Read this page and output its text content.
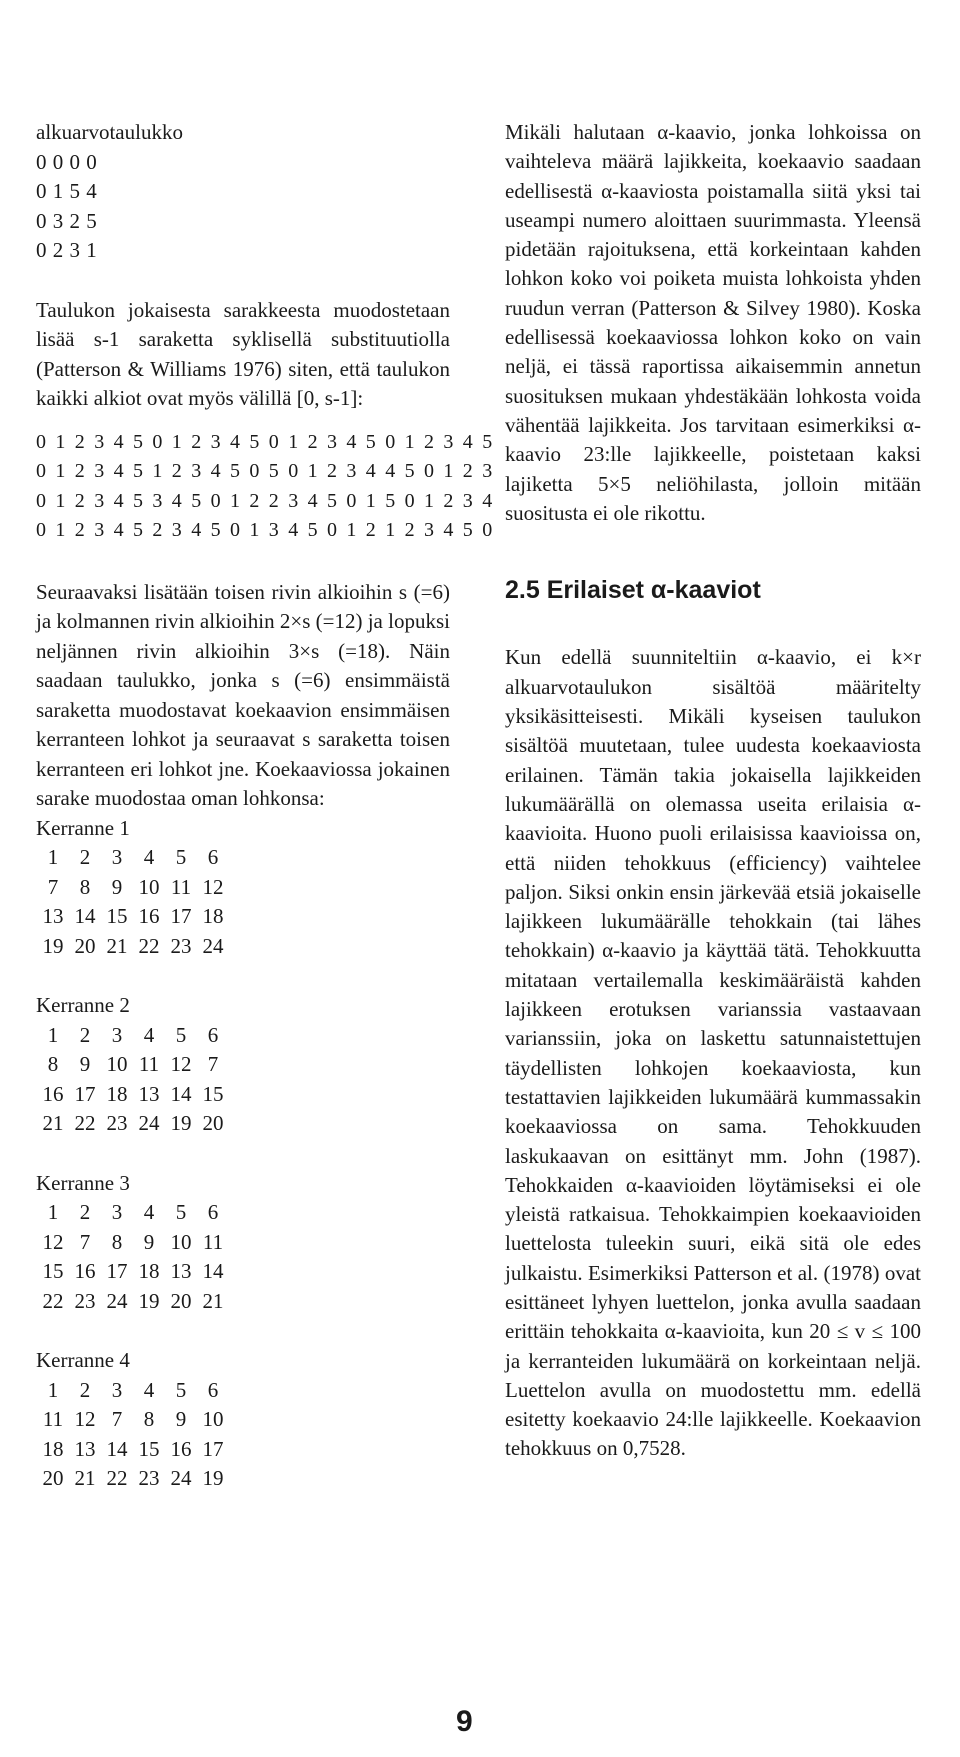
alkuarvotaulukko

0 0 0 0
0 1 5 4
0 3 2 5
0 2 3 1

Taulukon jokaisesta sarakkeesta muodostetaan lisää s-1 saraketta syklisellä substituutiolla (Patterson & Williams 1976) siten, että taulukon kaikki alkiot ovat myös välillä [0, s-1]:

0 1 2 3 4 5 0 1 2 3 4 5 0 1 2 3 4 5 0 1 2 3 4 5
0 1 2 3 4 5 1 2 3 4 5 0 5 0 1 2 3 4 4 5 0 1 2 3
0 1 2 3 4 5 3 4 5 0 1 2 2 3 4 5 0 1 5 0 1 2 3 4
0 1 2 3 4 5 2 3 4 5 0 1 3 4 5 0 1 2 1 2 3 4 5 0

Seuraavaksi lisätään toisen rivin alkioihin s (=6) ja kolmannen rivin alkioihin 2×s (=12) ja lopuksi neljännen rivin alkioihin 3×s (=18). Näin saadaan taulukko, jonka s (=6) ensimmäistä saraketta muodostavat koekaavion ensimmäisen kerranteen lohkot ja seuraavat s saraketta toisen kerranteen eri lohkot jne. Koekaaviossa jokainen sarake muodostaa oman lohkonsa:

Kerranne 1

1	2	3	4	5	6
7	8	9	10	11	12
13	14	15	16	17	18
19	20	21	22	23	24

Kerranne 2

1	2	3	4	5	6
8	9	10	11	12	7
16	17	18	13	14	15
21	22	23	24	19	20

Kerranne 3

1	2	3	4	5	6
12	7	8	9	10	11
15	16	17	18	13	14
22	23	24	19	20	21

Kerranne 4

1	2	3	4	5	6
11	12	7	8	9	10
18	13	14	15	16	17
20	21	22	23	24	19

Mikäli halutaan α-kaavio, jonka lohkoissa on vaihteleva määrä lajikkeita, koekaavio saadaan edellisestä α-kaaviosta poistamalla siitä yksi tai useampi numero aloittaen suurimmasta. Yleensä pidetään rajoituksena, että korkeintaan kahden lohkon koko voi poiketa muista lohkoista yhden ruudun verran (Patterson & Silvey 1980). Koska edellisessä koekaaviossa lohkon koko on vain neljä, ei tässä raportissa aikaisemmin annetun suosituksen mukaan yhdestäkään lohkosta voida vähentää lajikkeita. Jos tarvitaan esimerkiksi α-kaavio 23:lle lajikkeelle, poistetaan kaksi lajiketta 5×5 neliöhilasta, jolloin mitään suositusta ei ole rikottu.

2.5 Erilaiset α-kaaviot

Kun edellä suunniteltiin α-kaavio, ei k×r alkuarvotaulukon sisältöä määritelty yksikäsitteisesti. Mikäli kyseisen taulukon sisältöä muutetaan, tulee uudesta koekaaviosta erilainen. Tämän takia jokaisella lajikkeiden lukumäärällä on olemassa useita erilaisia α-kaavioita. Huono puoli erilaisissa kaavioissa on, että niiden tehokkuus (efficiency) vaihtelee paljon. Siksi onkin ensin järkevää etsiä jokaiselle lajikkeen lukumäärälle tehokkain (tai lähes tehokkain) α-kaavio ja käyttää tätä. Tehokkuutta mitataan vertailemalla keskimääräistä kahden lajikkeen erotuksen varianssia vastaavaan varianssiin, joka on laskettu satunnaistettujen täydellisten lohkojen koekaaviosta, kun testattavien lajikkeiden lukumäärä kummassakin koekaaviossa on sama. Tehokkuuden laskukaavan on esittänyt mm. John (1987). Tehokkaiden α-kaavioiden löytämiseksi ei ole yleistä ratkaisua. Tehokkaimpien koekaavioiden luettelosta tuleekin suuri, eikä sitä ole edes julkaistu. Esimerkiksi Patterson et al. (1978) ovat esittäneet lyhyen luettelon, jonka avulla saadaan erittäin tehokkaita α-kaavioita, kun 20 ≤ v ≤ 100 ja kerranteiden lukumäärä on korkeintaan neljä. Luettelon avulla on muodostettu mm. edellä esitetty koekaavio 24:lle lajikkeelle. Koekaavion tehokkuus on 0,7528.

9
